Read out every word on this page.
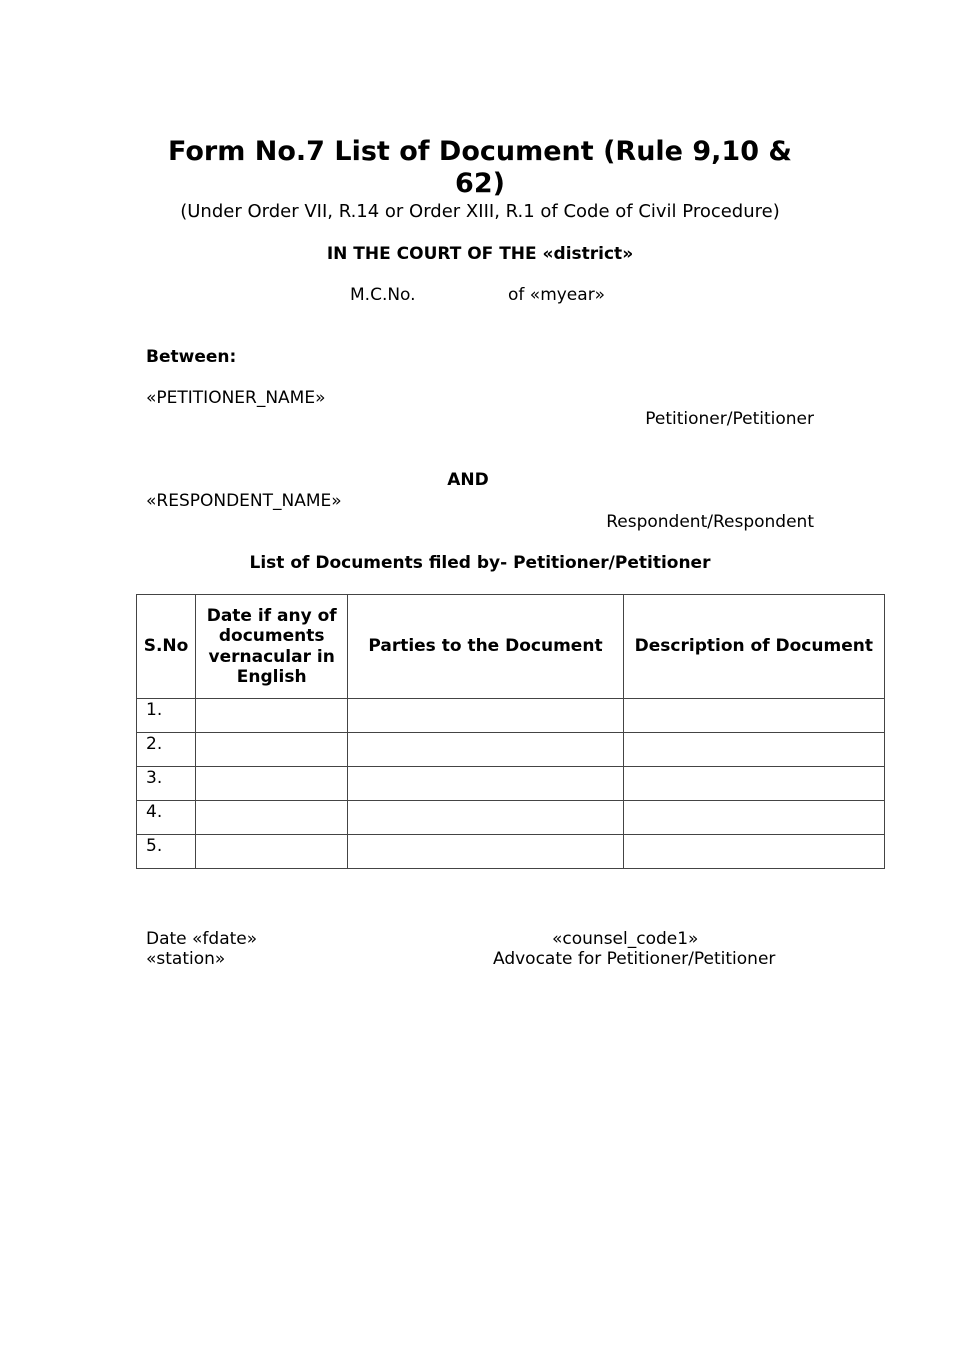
Form No.7 List of Document (Rule 9,10 & 62)
(Under Order VII, R.14 or Order XIII, R.1 of Code of Civil Procedure)
IN THE COURT OF THE «district»
M.C.No.	of «myear»
Between:
«PETITIONER_NAME»
Petitioner/Petitioner
AND
«RESPONDENT_NAME»
Respondent/Respondent
List of Documents filed by- Petitioner/Petitioner
S.No	Date if any of documents vernacular in English	Parties to the Document	Description of Document
1.			
2.			
3.			
4.			
5.			
Date «fdate»
«station»
«counsel_code1»
Advocate for Petitioner/Petitioner
